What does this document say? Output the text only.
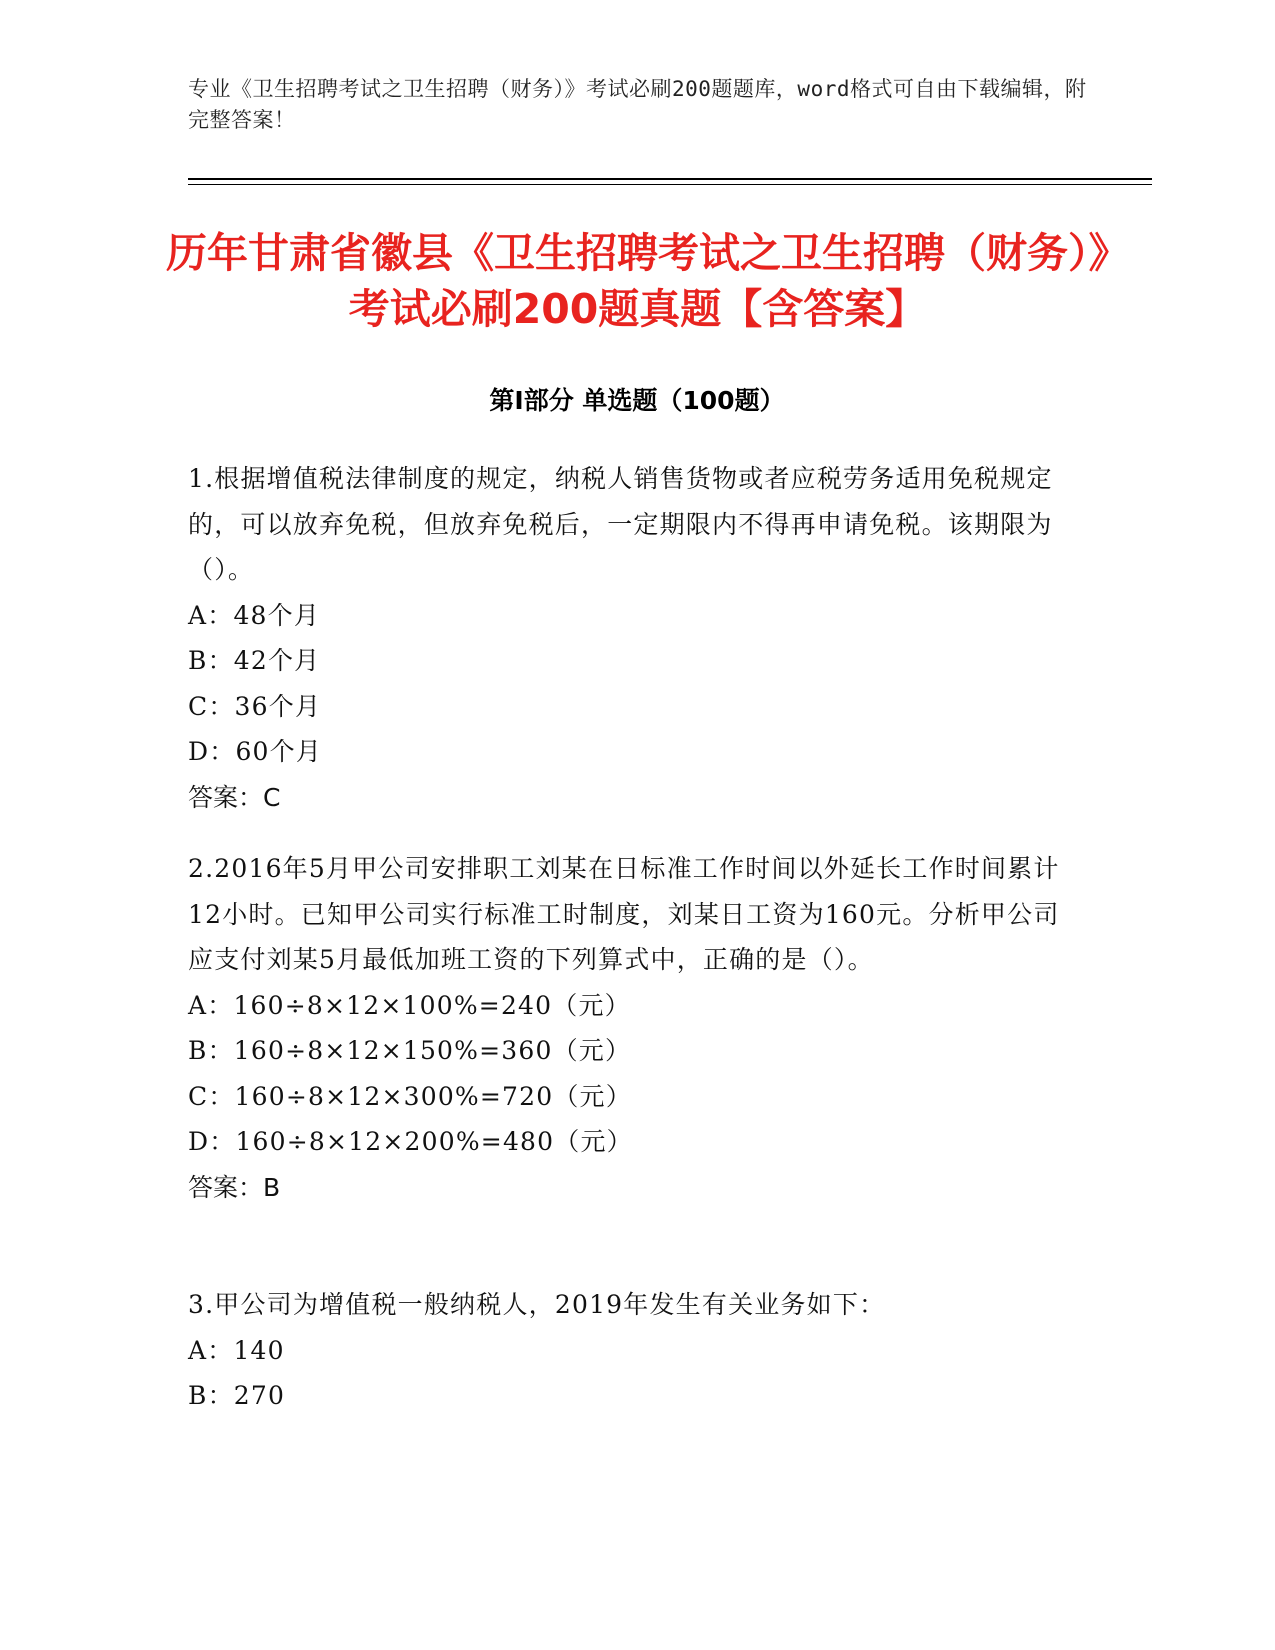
专业《卫生招聘考试之卫生招聘（财务）》考试必刷200题题库，word格式可自由下载编辑，附完整答案！

历年甘肃省徽县《卫生招聘考试之卫生招聘（财务）》考试必刷200题真题【含答案】
第Ⅰ部分 单选题（100题）

1.根据增值税法律制度的规定，纳税人销售货物或者应税劳务适用免税规定的，可以放弃免税，但放弃免税后，一定期限内不得再申请免税。该期限为（）。

A：48个月

B：42个月

C：36个月

D：60个月

答案：C

2.2016年5月甲公司安排职工刘某在日标准工作时间以外延长工作时间累计12小时。已知甲公司实行标准工时制度，刘某日工资为160元。分析甲公司应支付刘某5月最低加班工资的下列算式中，正确的是（）。

A：160÷8×12×100%=240（元）

B：160÷8×12×150%=360（元）

C：160÷8×12×300%=720（元）

D：160÷8×12×200%=480（元）

答案：B

3.甲公司为增值税一般纳税人，2019年发生有关业务如下：

A：140

B：270
